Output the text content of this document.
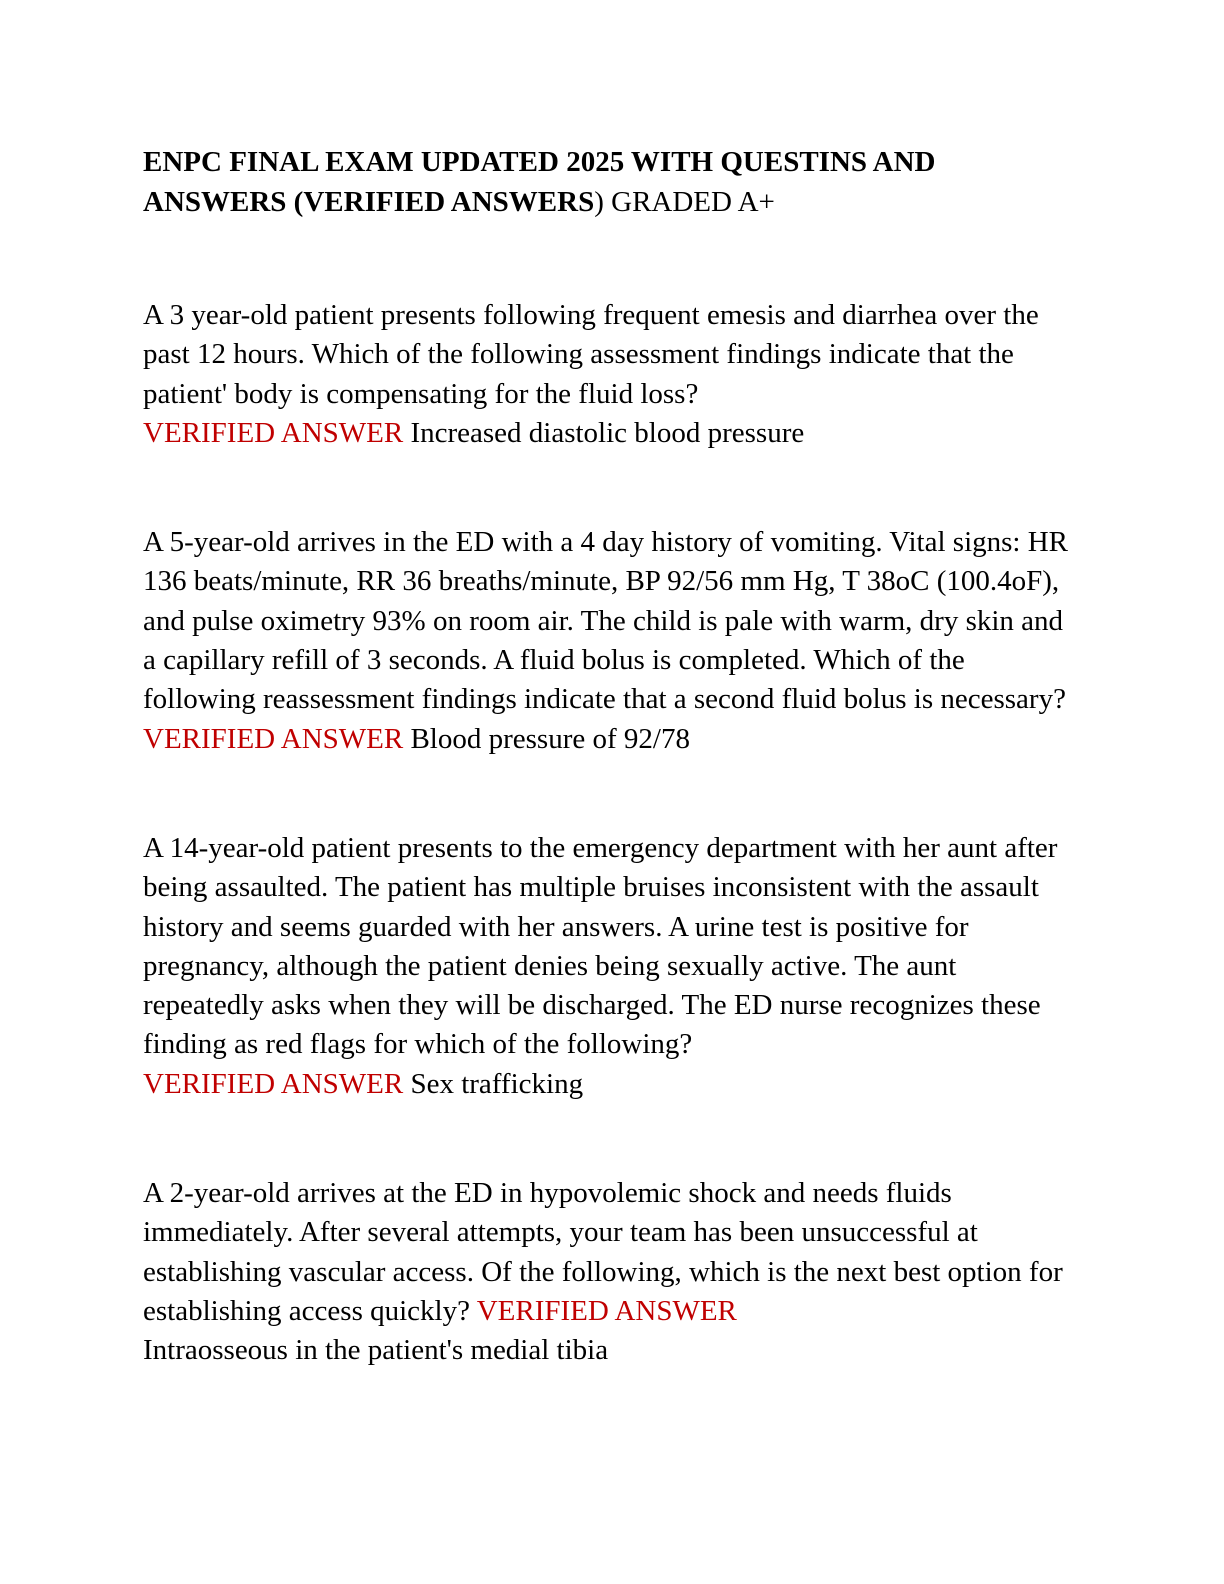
ENPC FINAL EXAM UPDATED 2025 WITH QUESTINS AND ANSWERS (VERIFIED ANSWERS) GRADED A+

A 3 year-old patient presents following frequent emesis and diarrhea over the past 12 hours. Which of the following assessment findings indicate that the patient' body is compensating for the fluid loss?
VERIFIED ANSWER Increased diastolic blood pressure

A 5-year-old arrives in the ED with a 4 day history of vomiting. Vital signs: HR 136 beats/minute, RR 36 breaths/minute, BP 92/56 mm Hg, T 38oC (100.4oF), and pulse oximetry 93% on room air. The child is pale with warm, dry skin and a capillary refill of 3 seconds. A fluid bolus is completed. Which of the following reassessment findings indicate that a second fluid bolus is necessary? VERIFIED ANSWER Blood pressure of 92/78

A 14-year-old patient presents to the emergency department with her aunt after being assaulted. The patient has multiple bruises inconsistent with the assault history and seems guarded with her answers. A urine test is positive for pregnancy, although the patient denies being sexually active. The aunt repeatedly asks when they will be discharged. The ED nurse recognizes these finding as red flags for which of the following?
VERIFIED ANSWER Sex trafficking

A 2-year-old arrives at the ED in hypovolemic shock and needs fluids immediately. After several attempts, your team has been unsuccessful at establishing vascular access. Of the following, which is the next best option for establishing access quickly? VERIFIED ANSWER
Intraosseous in the patient's medial tibia
